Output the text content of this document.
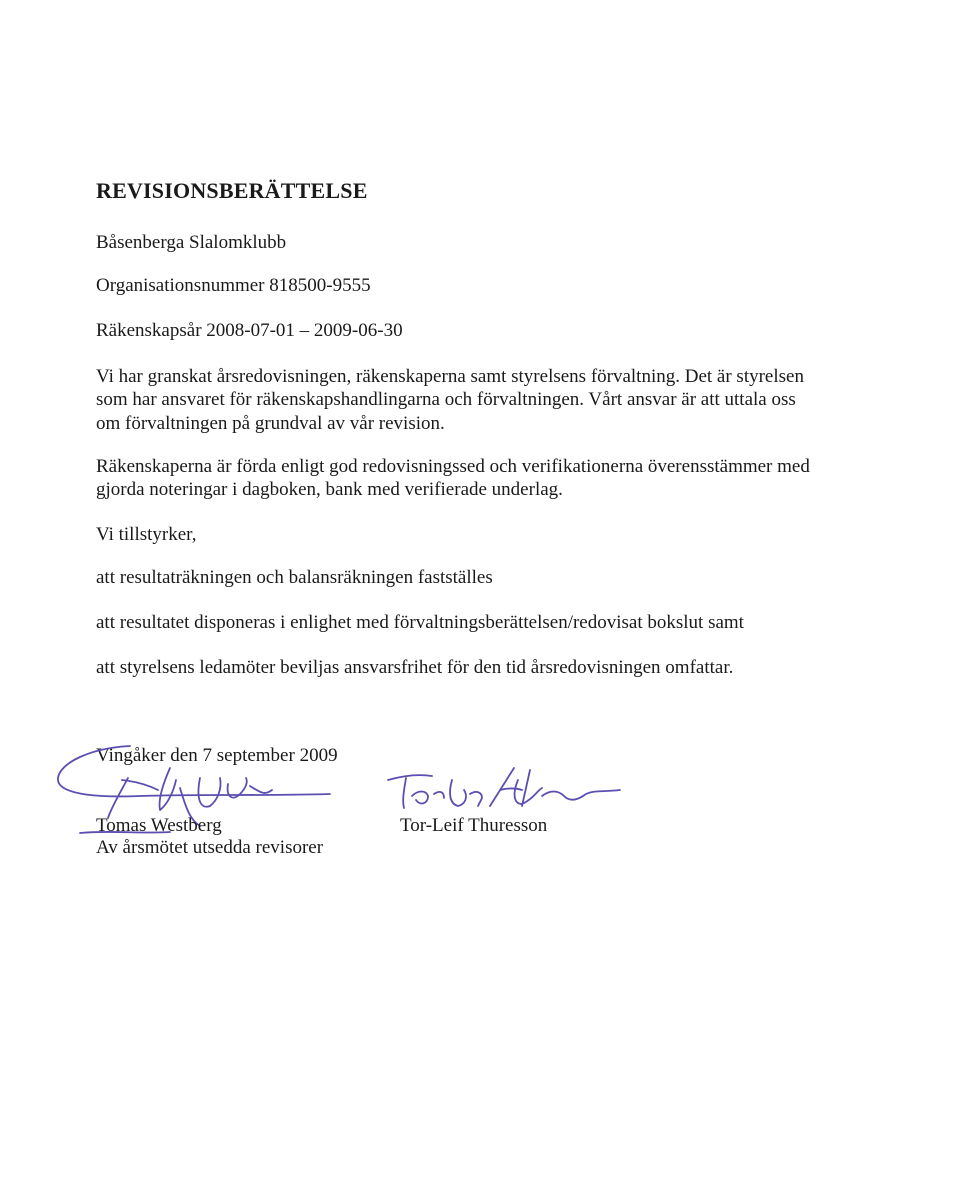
REVISIONSBERÄTTELSE
Båsenberga Slalomklubb
Organisationsnummer 818500-9555
Räkenskapsår 2008-07-01 – 2009-06-30
Vi har granskat årsredovisningen, räkenskaperna samt styrelsens förvaltning. Det är styrelsen
som har ansvaret för räkenskapshandlingarna och förvaltningen. Vårt ansvar är att uttala oss
om förvaltningen på grundval av vår revision.
Räkenskaperna är förda enligt god redovisningssed och verifikationerna överensstämmer med
gjorda noteringar i dagboken, bank med verifierade underlag.
Vi tillstyrker,
att resultaträkningen och balansräkningen fastställes
att resultatet disponeras i enlighet med förvaltningsberättelsen/redovisat bokslut samt
att styrelsens ledamöter beviljas ansvarsfrihet för den tid årsredovisningen omfattar.
Vingåker den 7 september 2009
Tomas Westberg
Av årsmötet utsedda revisorer
Tor-Leif Thuresson
